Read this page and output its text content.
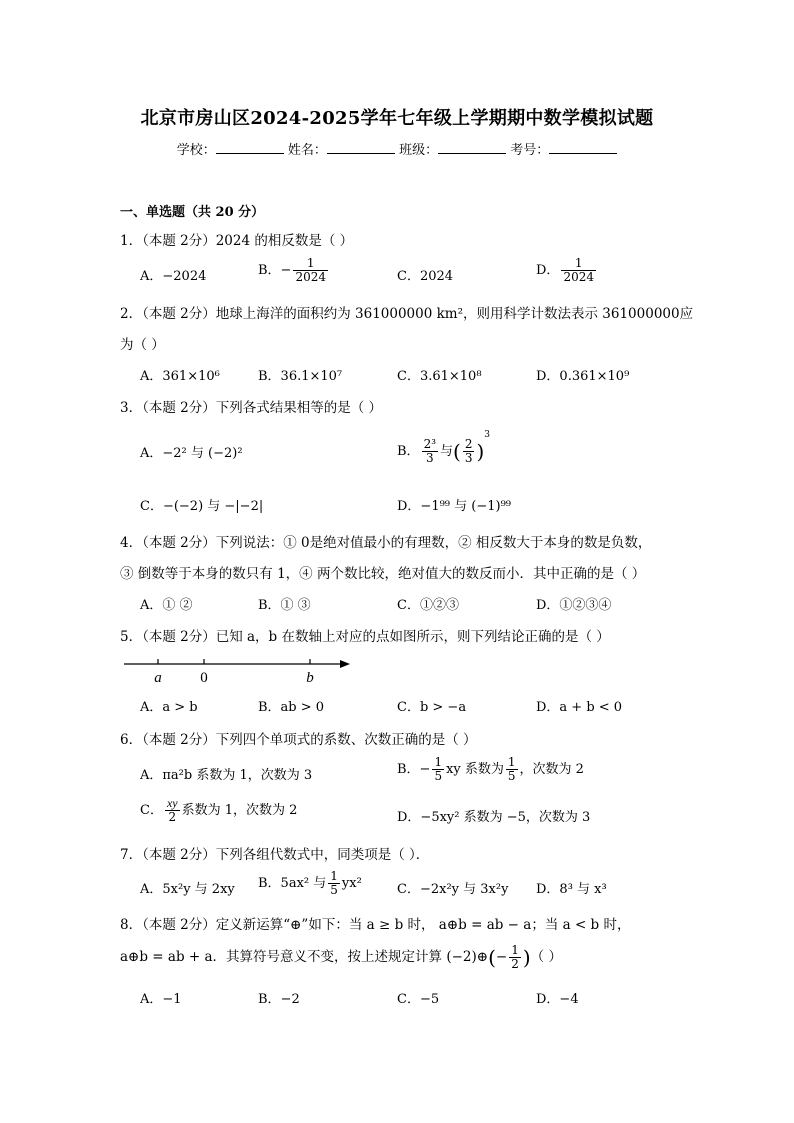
北京市房山区2024-2025学年七年级上学期期中数学模拟试题
学校：	姓名：	班级：	考号：
一、单选题（共 20 分）
1．（本题 2分）2024 的相反数是（ ）
A．−2024	B．− $\frac{1}{2024}$	C．2024	D． $\frac{1}{2024}$
2．（本题 2分）地球上海洋的面积约为 361000000 km²，则用科学计数法表示 361000000应
为（ ）
A．361×10⁶	B．36.1×10⁷	C．3.61×10⁸	D．0.361×10⁹
3．（本题 2分）下列各式结果相等的是（ ）
A．−2² 与 (−2)²	B． $\frac{\text{2³}}{3}$ 与( $\frac{2}{3} )^3$
C．−(−2) 与 −|−2|	D．−1⁹⁹ 与 (−1)⁹⁹
4．（本题 2分）下列说法：① 0是绝对值最小的有理数，② 相反数大于本身的数是负数，
③ 倒数等于本身的数只有 1，④ 两个数比较，绝对值大的数反而小．其中正确的是（ ）
A．① ②	B．① ③	C．①②③	D．①②③④
5．（本题 2分）已知 a，b 在数轴上对应的点如图所示，则下列结论正确的是（ ）
a	0	b
A．a > b	B．ab > 0	C．b > −a	D．a + b < 0
6．（本题 2分）下列四个单项式的系数、次数正确的是（ ）
A．πa²b 系数为 1，次数为 3	B．− $\frac{1}{5}$ xy 系数为 $\frac{1}{5}$ ，次数为 2
C． $\frac{xy}{2}$ 系数为 1，次数为 2	D．−5xy² 系数为 −5，次数为 3
7．（本题 2分）下列各组代数式中，同类项是（ ）．
A．5x²y 与 2xy B．5ax² 与 $\frac{1}{5} yx^2$	C．−2x²y 与 3x²y D．8³ 与 x³
8．（本题 2分）定义新运算“⊕”如下：当 a ≥ b 时， a⊕b = ab − a；当 a < b 时，
a⊕b = ab + a．其算符号意义不变，按上述规定计算 (−2)⊕(− $\frac{1}{2}$ )（ ）
A．−1	B．−2	C．−5	D．−4
